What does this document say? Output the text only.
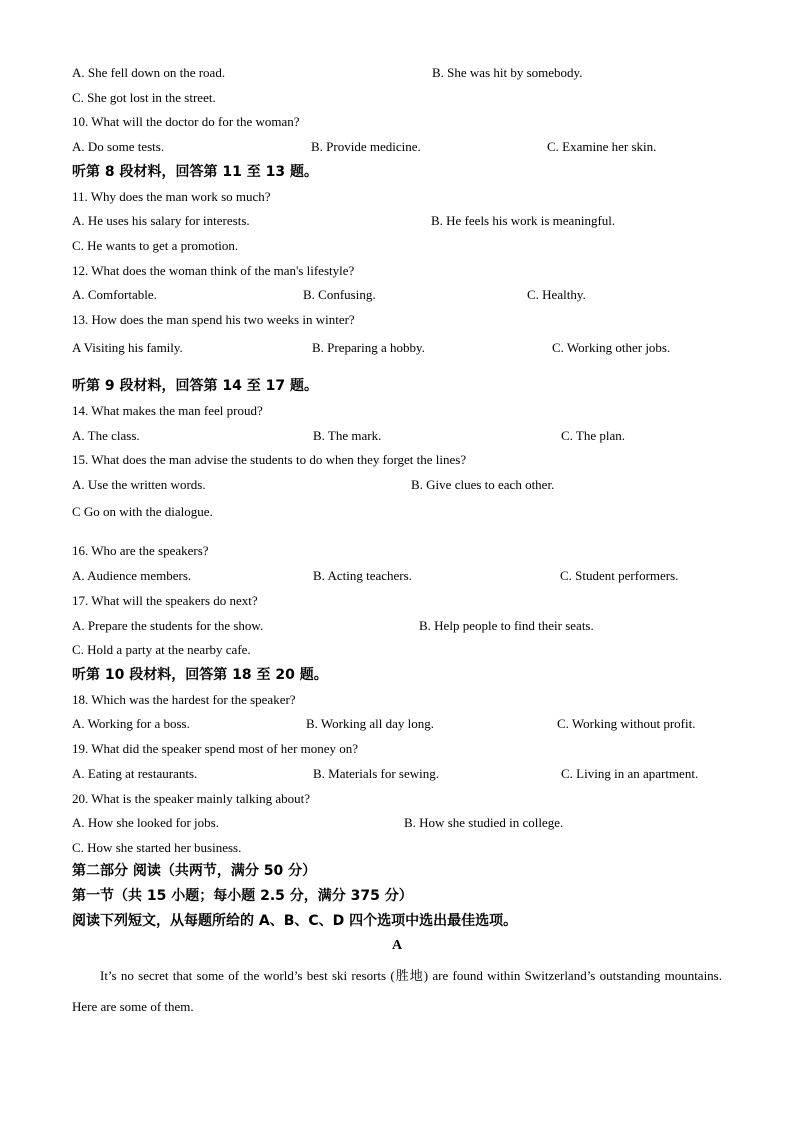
A. She fell down on the road.	B. She was hit by somebody.
C. She got lost in the street.
10. What will the doctor do for the woman?
A. Do some tests.	B. Provide medicine.	C. Examine her skin.
听第 8 段材料，回答第 11 至 13 题。
11. Why does the man work so much?
A. He uses his salary for interests.	B. He feels his work is meaningful.
C. He wants to get a promotion.
12. What does the woman think of the man's lifestyle?
A. Comfortable.	B. Confusing.	C. Healthy.
13. How does the man spend his two weeks in winter?
A Visiting his family.	B. Preparing a hobby.	C. Working other jobs.
听第 9 段材料，回答第 14 至 17 题。
14. What makes the man feel proud?
A. The class.	B. The mark.	C. The plan.
15. What does the man advise the students to do when they forget the lines?
A. Use the written words.	B. Give clues to each other.
C Go on with the dialogue.
16. Who are the speakers?
A. Audience members.	B. Acting teachers.	C. Student performers.
17. What will the speakers do next?
A. Prepare the students for the show.	B. Help people to find their seats.
C. Hold a party at the nearby cafe.
听第 10 段材料，回答第 18 至 20 题。
18. Which was the hardest for the speaker?
A. Working for a boss.	B. Working all day long.	C. Working without profit.
19. What did the speaker spend most of her money on?
A. Eating at restaurants.	B. Materials for sewing.	C. Living in an apartment.
20. What is the speaker mainly talking about?
A. How she looked for jobs.	B. How she studied in college.
C. How she started her business.
第二部分 阅读（共两节，满分 50 分）
第一节（共 15 小题；每小题 2.5 分，满分 375 分）
阅读下列短文，从每题所给的 A、B、C、D 四个选项中选出最佳选项。
A
It’s no secret that some of the world’s best ski resorts (胜地) are found within Switzerland’s outstanding mountains. Here are some of them.
